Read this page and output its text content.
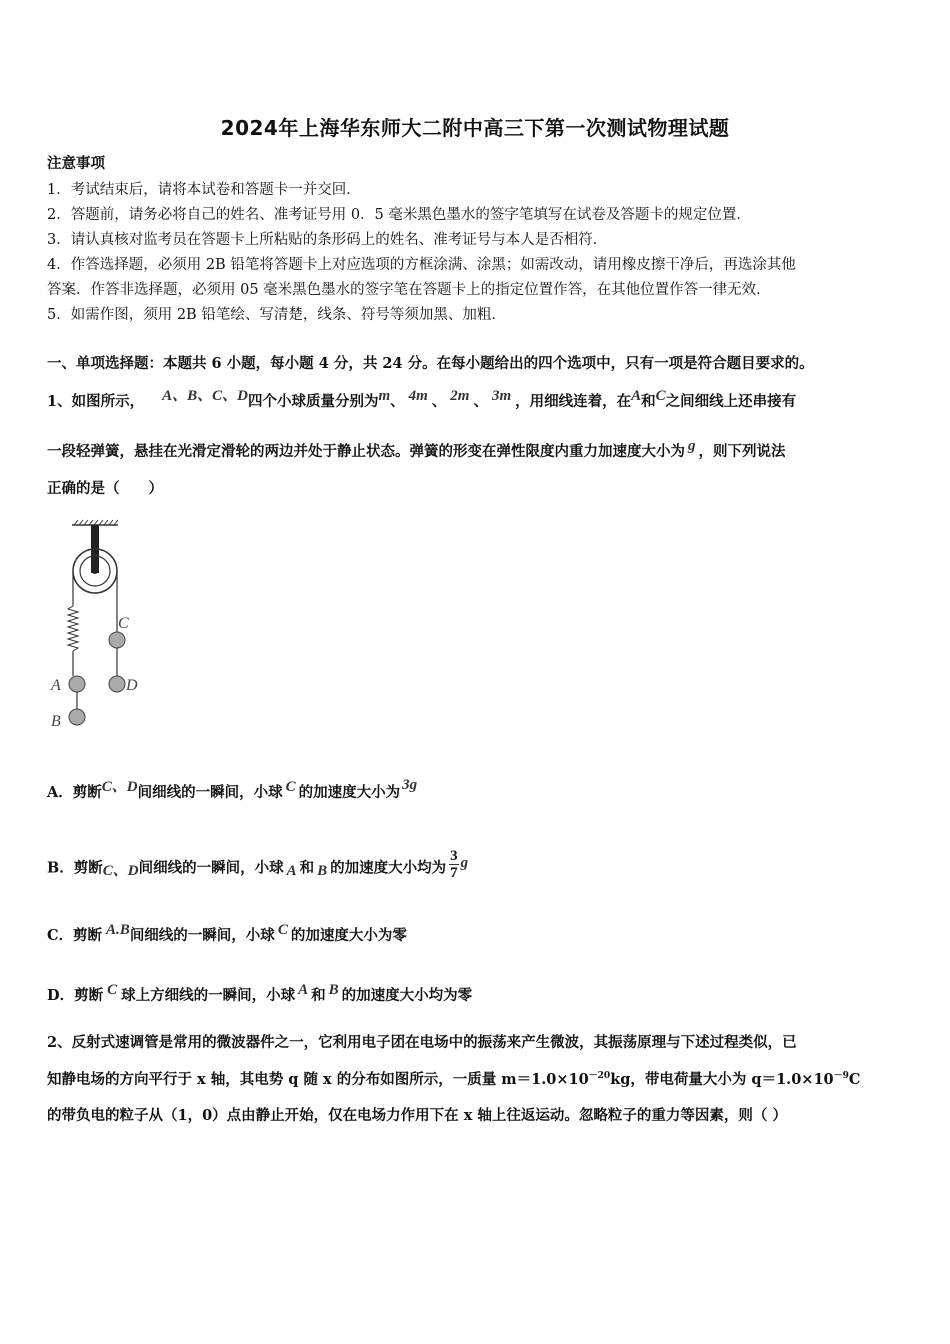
2024年上海华东师大二附中高三下第一次测试物理试题
注意事项
1．考试结束后，请将本试卷和答题卡一并交回．
2．答题前，请务必将自己的姓名、准考证号用 0．5 毫米黑色墨水的签字笔填写在试卷及答题卡的规定位置．
3．请认真核对监考员在答题卡上所粘贴的条形码上的姓名、准考证号与本人是否相符．
4．作答选择题，必须用 2B 铅笔将答题卡上对应选项的方框涂满、涂黑；如需改动，请用橡皮擦干净后，再选涂其他
答案．作答非选择题，必须用 05 毫米黑色墨水的签字笔在答题卡上的指定位置作答，在其他位置作答一律无效．
5．如需作图，须用 2B 铅笔绘、写清楚，线条、符号等须加黑、加粗．
一、单项选择题：本题共 6 小题，每小题 4 分，共 24 分。在每小题给出的四个选项中，只有一项是符合题目要求的。
1、如图所示， A、B、C、D四个小球质量分别为m、 4m 、 2m 、 3m ，用细线连着，在A和C之间细线上还串接有
一段轻弹簧，悬挂在光滑定滑轮的两边并处于静止状态。弹簧的形变在弹性限度内重力加速度大小为 g ，则下列说法
正确的是（　　）
C
A	D
B
A．剪断C、D间细线的一瞬间，小球 C 的加速度大小为 3g
B．剪断C、D间细线的一瞬间，小球 A 和 B 的加速度大小均为 $\frac{3}{7}$ g
C．剪断 A.B间细线的一瞬间，小球 C 的加速度大小为零
D．剪断 C 球上方细线的一瞬间，小球 A 和 B 的加速度大小均为零
2、反射式速调管是常用的微波器件之一，它利用电子团在电场中的振荡来产生微波，其振荡原理与下述过程类似，已
知静电场的方向平行于 x 轴，其电势 q 随 x 的分布如图所示，一质量 $m=1.0\times 10^{-20}kg$，带电荷量大小为 $q=1.0\times 10^{-9}C$
的带负电的粒子从（1，0）点由静止开始，仅在电场力作用下在 x 轴上往返运动。忽略粒子的重力等因素，则（ ）
